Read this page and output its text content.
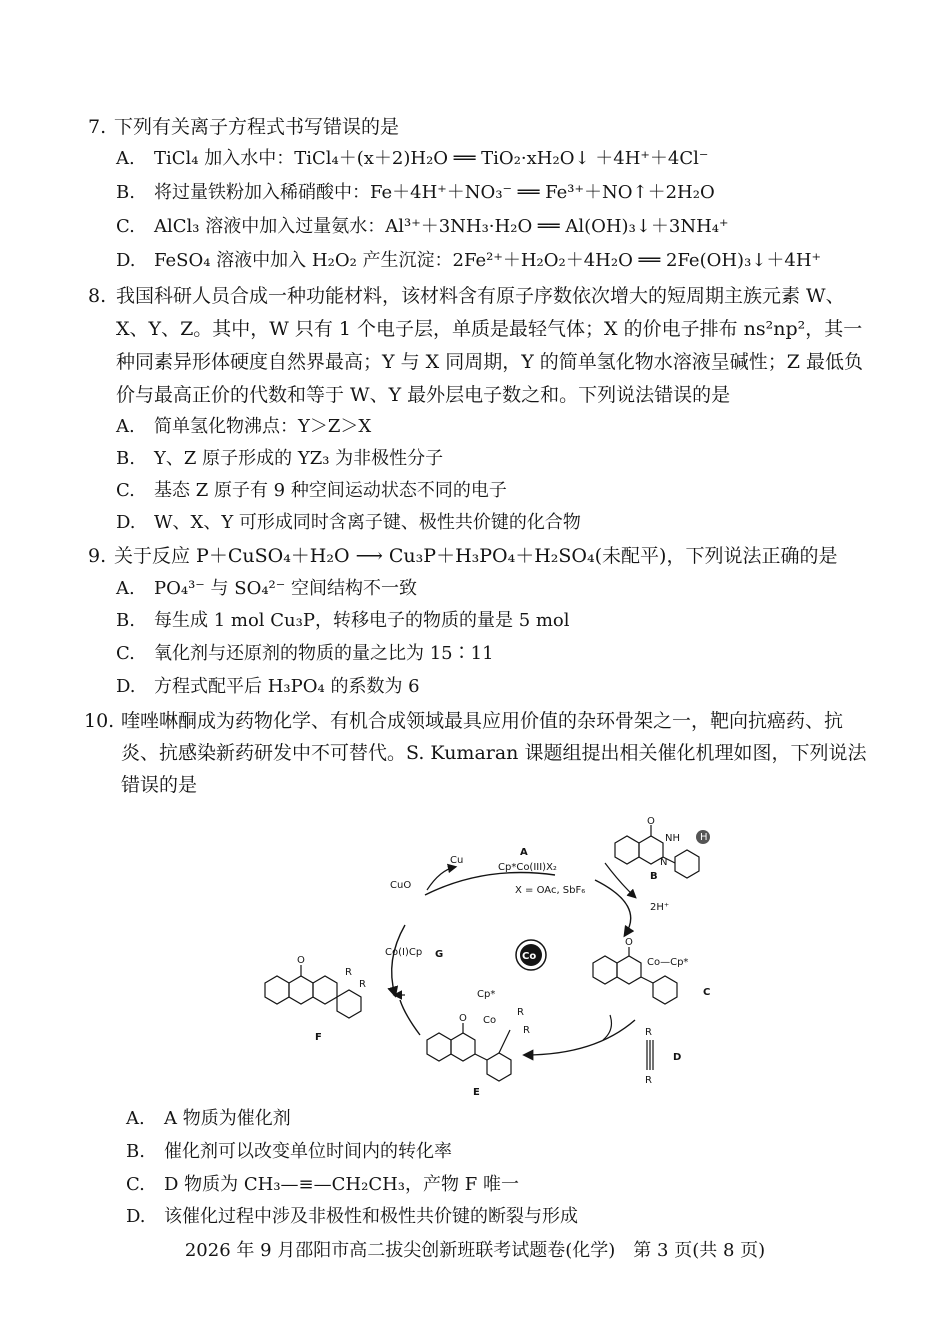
7. 下列有关离子方程式书写错误的是
A. TiCl₄ 加入水中：TiCl₄＋(x＋2)H₂O ══ TiO₂·xH₂O↓ ＋4H⁺＋4Cl⁻
B. 将过量铁粉加入稀硝酸中：Fe＋4H⁺＋NO₃⁻ ══ Fe³⁺＋NO↑＋2H₂O
C. AlCl₃ 溶液中加入过量氨水：Al³⁺＋3NH₃·H₂O ══ Al(OH)₃↓＋3NH₄⁺
D. FeSO₄ 溶液中加入 H₂O₂ 产生沉淀：2Fe²⁺＋H₂O₂＋4H₂O ══ 2Fe(OH)₃↓＋4H⁺
8. 我国科研人员合成一种功能材料，该材料含有原子序数依次增大的短周期主族元素 W、
X、Y、Z。其中，W 只有 1 个电子层，单质是最轻气体；X 的价电子排布 ns²np²，其一
种同素异形体硬度自然界最高；Y 与 X 同周期，Y 的简单氢化物水溶液呈碱性；Z 最低负
价与最高正价的代数和等于 W、Y 最外层电子数之和。下列说法错误的是
A. 简单氢化物沸点：Y＞Z＞X
B. Y、Z 原子形成的 YZ₃ 为非极性分子
C. 基态 Z 原子有 9 种空间运动状态不同的电子
D. W、X、Y 可形成同时含离子键、极性共价键的化合物
9. 关于反应 P＋CuSO₄＋H₂O ⟶ Cu₃P＋H₃PO₄＋H₂SO₄(未配平)，下列说法正确的是
A. PO₄³⁻ 与 SO₄²⁻ 空间结构不一致
B. 每生成 1 mol Cu₃P，转移电子的物质的量是 5 mol
C. 氧化剂与还原剂的物质的量之比为 15∶11
D. 方程式配平后 H₃PO₄ 的系数为 6
10. 喹唑啉酮成为药物化学、有机合成领域最具应用价值的杂环骨架之一，靶向抗癌药、抗
炎、抗感染新药研发中不可替代。S. Kumaran 课题组提出相关催化机理如图，下列说法
错误的是
Cu
CuO
A
Cp*Co(III)X₂
X = OAc, SbF₆
O
NH H
N
B
2H⁺
Co
O
Co—Cp*
C
R
R
D
O
Cp*
Co
R
R
E
O
R
R
F
Co(I)Cp G
A. A 物质为催化剂
B. 催化剂可以改变单位时间内的转化率
C. D 物质为 CH₃—≡—CH₂CH₃，产物 F 唯一
D. 该催化过程中涉及非极性和极性共价键的断裂与形成
2026 年 9 月邵阳市高二拔尖创新班联考试题卷(化学)　第 3 页(共 8 页)
